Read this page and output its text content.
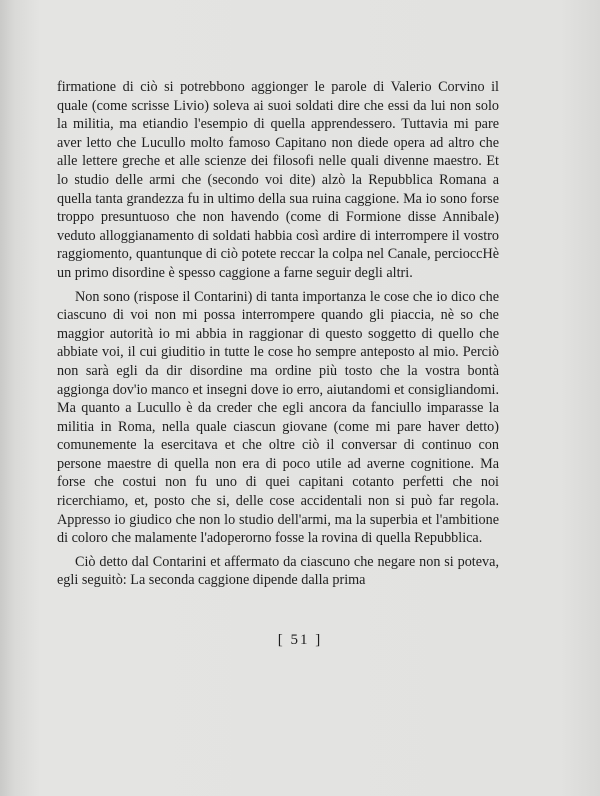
firmatione di ciò si potrebbono aggionger le parole di Valerio Corvino il quale (come scrisse Livio) soleva ai suoi soldati dire che essi da lui non solo la militia, ma etiandio l'esempio di quella apprendessero. Tuttavia mi pare aver letto che Lucullo molto famoso Capitano non diede opera ad altro che alle lettere greche et alle scienze dei filosofi nelle quali divenne maestro. Et lo studio delle armi che (secondo voi dite) alzò la Repubblica Romana a quella tanta grandezza fu in ultimo della sua ruina caggione. Ma io sono forse troppo presuntuoso che non havendo (come di Formione disse Annibale) veduto alloggianamento di soldati habbia così ardire di interrompere il vostro raggiomento, quantunque di ciò potete reccar la colpa nel Canale, percioccHè un primo disordine è spesso caggione a farne seguir degli altri.

Non sono (rispose il Contarini) di tanta importanza le cose che io dico che ciascuno di voi non mi possa interrompere quando gli piaccia, nè so che maggior autorità io mi abbia in raggionar di questo soggetto di quello che abbiate voi, il cui giuditio in tutte le cose ho sempre anteposto al mio. Perciò non sarà egli da dir disordine ma ordine più tosto che la vostra bontà aggionga dov'io manco et insegni dove io erro, aiutandomi et consigliandomi. Ma quanto a Lucullo è da creder che egli ancora da fanciullo imparasse la militia in Roma, nella quale ciascun giovane (come mi pare haver detto) comunemente la esercitava et che oltre ciò il conversar di continuo con persone maestre di quella non era di poco utile ad averne cognitione. Ma forse che costui non fu uno di quei capitani cotanto perfetti che noi ricerchiamo, et, posto che si, delle cose accidentali non si può far regola. Appresso io giudico che non lo studio dell'armi, ma la superbia et l'ambitione di coloro che malamente l'adoperorno fosse la rovina di quella Repubblica.

Ciò detto dal Contarini et affermato da ciascuno che negare non si poteva, egli seguitò: La seconda caggione dipende dalla prima

[ 51 ]
